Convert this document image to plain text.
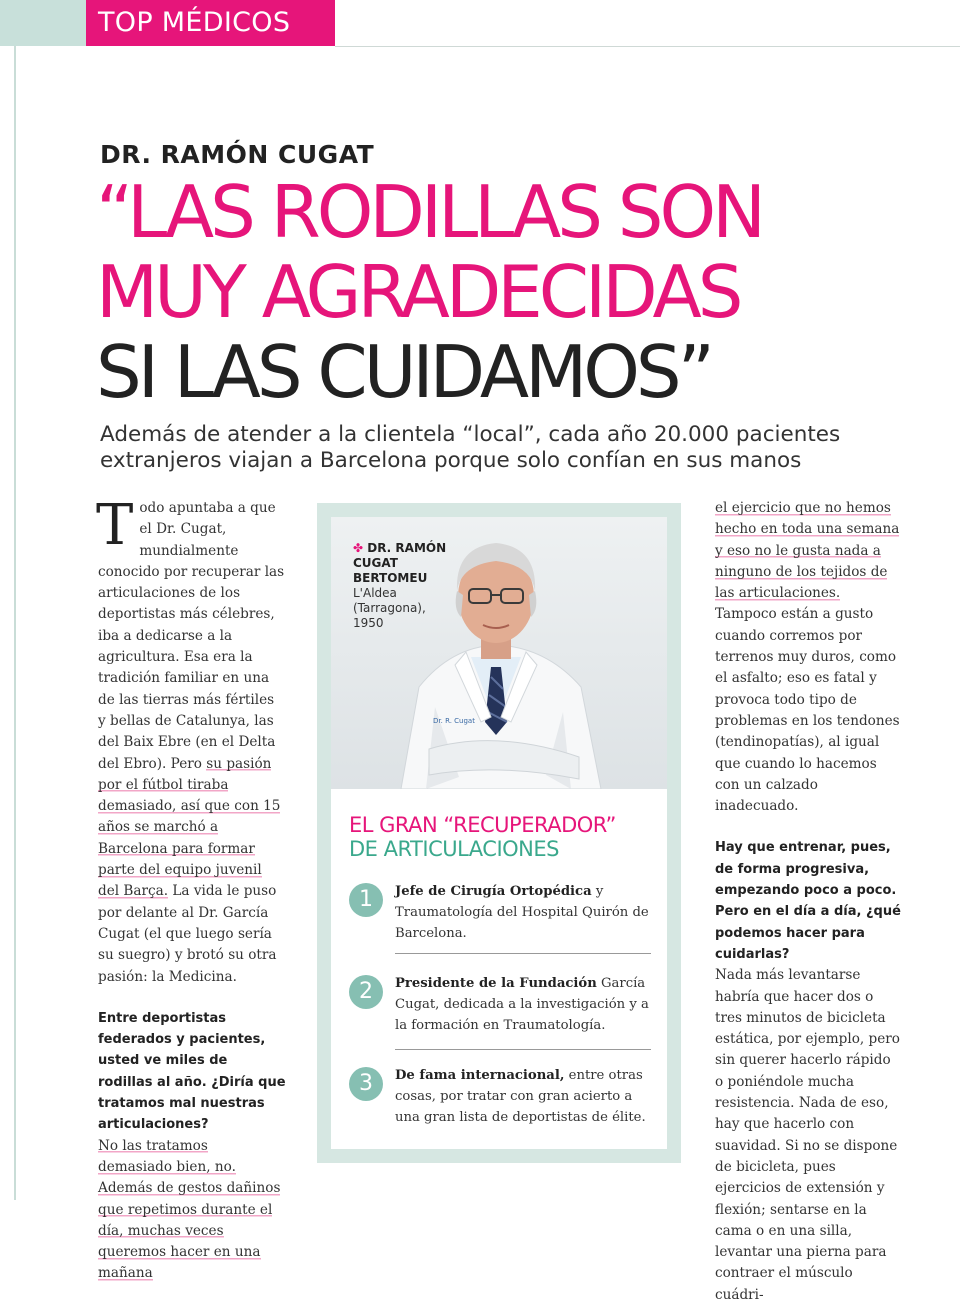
TOP MÉDICOS
DR. RAMÓN CUGAT
“LAS RODILLAS SON
MUY AGRADECIDAS
SI LAS CUIDAMOS”
Además de atender a la clientela “local”, cada año 20.000 pacientes
extranjeros viajan a Barcelona porque solo confían en sus manos

Todo apuntaba a que el Dr. Cugat, mundialmente conocido por recuperar las articulaciones de los deportistas más célebres, iba a dedicarse a la agricultura. Esa era la tradición familiar en una de las tierras más fértiles y bellas de Catalunya, las del Baix Ebre (en el Delta del Ebro). Pero su pasión por el fútbol tiraba demasiado, así que con 15 años se marchó a Barcelona para formar parte del equipo juvenil del Barça. La vida le puso por delante al Dr. García Cugat (el que luego sería su suegro) y brotó su otra pasión: la Medicina.

Entre deportistas federados y pacientes, usted ve miles de rodillas al año. ¿Diría que tratamos mal nuestras articulaciones?

No las tratamos demasiado bien, no. Además de gestos dañinos que repetimos durante el día, muchas veces queremos hacer en una mañana

el ejercicio que no hemos hecho en toda una semana y eso no le gusta nada a ninguno de los tejidos de las articulaciones. Tampoco están a gusto cuando corremos por terrenos muy duros, como el asfalto; eso es fatal y provoca todo tipo de problemas en los tendones (tendinopatías), al igual que cuando lo hacemos con un calzado inadecuado.

Hay que entrenar, pues, de forma progresiva, empezando poco a poco. Pero en el día a día, ¿qué podemos hacer para cuidarlas?

Nada más levantarse habría que hacer dos o tres minutos de bicicleta estática, por ejemplo, pero sin querer hacerlo rápido o poniéndole mucha resistencia. Nada de eso, hay que hacerlo con suavidad. Si no se dispone de bicicleta, pues ejercicios de extensión y flexión; sentarse en la cama o en una silla, levantar una pierna para contraer el músculo cuádri-

Dr. R. Cugat
✤ DR. RAMÓN
CUGAT
BERTOMEU
L'Aldea
(Tarragona),
1950
EL GRAN “RECUPERADOR”
DE ARTICULACIONES
1	Jefe de Cirugía Ortopédica y Traumatología del Hospital Quirón de Barcelona.
2	Presidente de la Fundación García Cugat, dedicada a la investigación y a la formación en Traumatología.
3	De fama internacional, entre otras cosas, por tratar con gran acierto a una gran lista de deportistas de élite.
